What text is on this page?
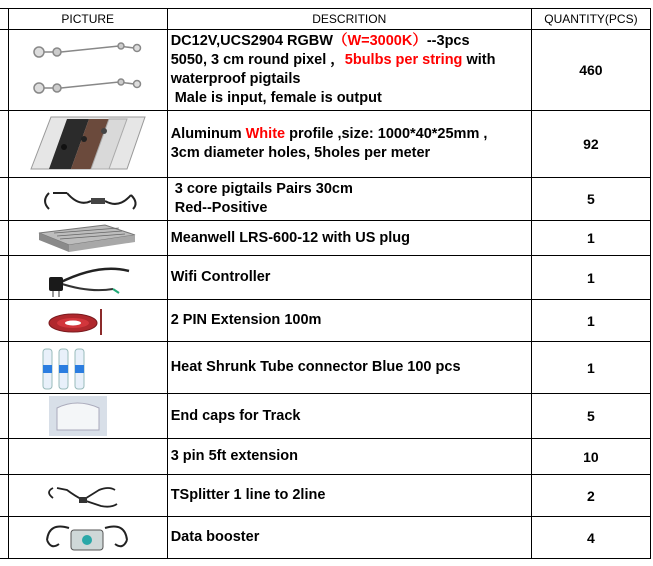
	PICTURE	DESCRITION	QUANTITY(PCS)

DC12V,UCS2904 RGBW（W=3000K）--3pcs
5050, 3 cm round pixel ，5bulbs per string with
waterproof pigtails
Male is input, female is output	460

Aluminum White profile ,size: 1000*40*25mm ,
3cm diameter holes, 5holes per meter	92

3 core pigtails Pairs 30cm
Red--Positive	5

	Meanwell LRS-600-12 with US plug	1

	Wifi Controller	1

	2 PIN Extension 100m	1

	Heat Shrunk Tube connector Blue 100 pcs	1

	End caps for Track	5
		3 pin 5ft extension	10

	TSplitter 1 line to 2line	2

	Data booster	4
